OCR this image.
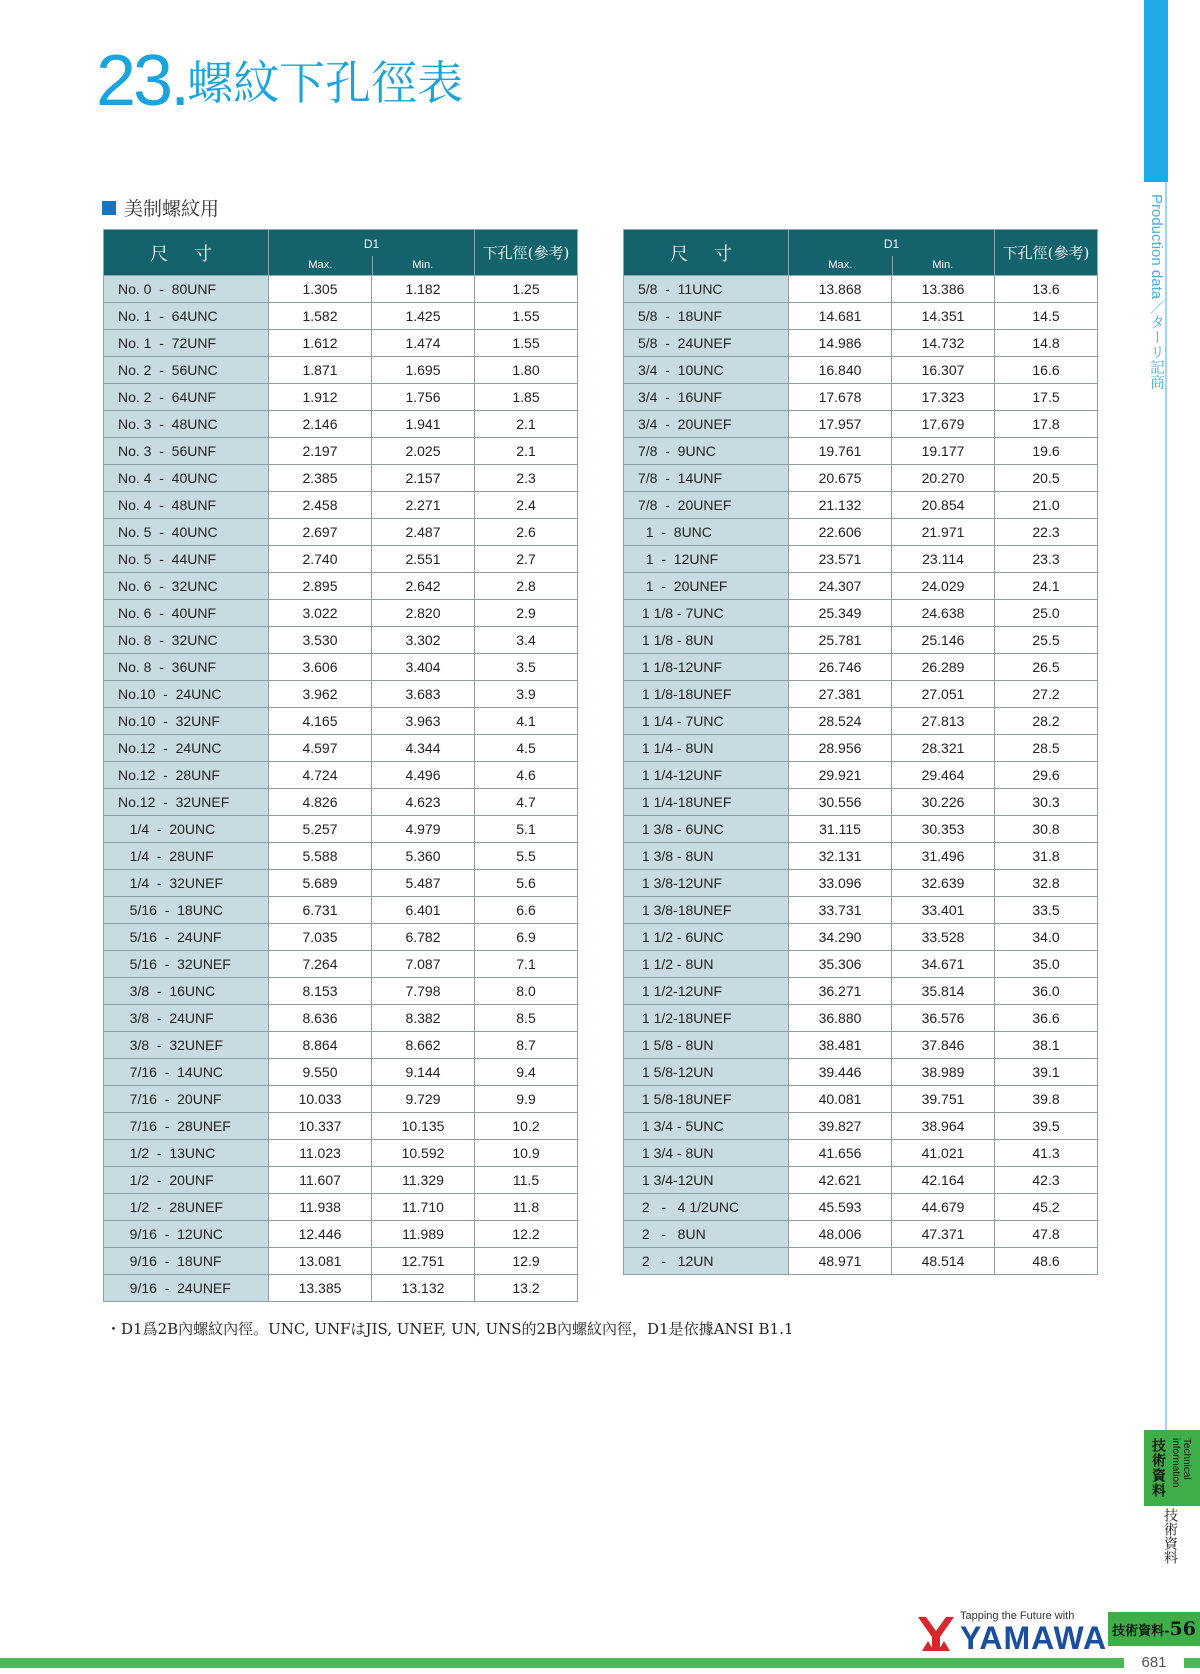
23.螺紋下孔徑表
美制螺紋用
尺 寸	D1
Max. Min.		下孔徑(參考)
No. 0  -  80UNF	1.305	1.182	1.25
No. 1  -  64UNC	1.582	1.425	1.55
No. 1  -  72UNF	1.612	1.474	1.55
No. 2  -  56UNC	1.871	1.695	1.80
No. 2  -  64UNF	1.912	1.756	1.85
No. 3  -  48UNC	2.146	1.941	2.1
No. 3  -  56UNF	2.197	2.025	2.1
No. 4  -  40UNC	2.385	2.157	2.3
No. 4  -  48UNF	2.458	2.271	2.4
No. 5  -  40UNC	2.697	2.487	2.6
No. 5  -  44UNF	2.740	2.551	2.7
No. 6  -  32UNC	2.895	2.642	2.8
No. 6  -  40UNF	3.022	2.820	2.9
No. 8  -  32UNC	3.530	3.302	3.4
No. 8  -  36UNF	3.606	3.404	3.5
No.10  -  24UNC	3.962	3.683	3.9
No.10  -  32UNF	4.165	3.963	4.1
No.12  -  24UNC	4.597	4.344	4.5
No.12  -  28UNF	4.724	4.496	4.6
No.12  -  32UNEF	4.826	4.623	4.7
1/4  -  20UNC	5.257	4.979	5.1
1/4  -  28UNF	5.588	5.360	5.5
1/4  -  32UNEF	5.689	5.487	5.6
5/16  -  18UNC	6.731	6.401	6.6
5/16  -  24UNF	7.035	6.782	6.9
5/16  -  32UNEF	7.264	7.087	7.1
3/8  -  16UNC	8.153	7.798	8.0
3/8  -  24UNF	8.636	8.382	8.5
3/8  -  32UNEF	8.864	8.662	8.7
7/16  -  14UNC	9.550	9.144	9.4
7/16  -  20UNF	10.033	9.729	9.9
7/16  -  28UNEF	10.337	10.135	10.2
1/2  -  13UNC	11.023	10.592	10.9
1/2  -  20UNF	11.607	11.329	11.5
1/2  -  28UNEF	11.938	11.710	11.8
9/16  -  12UNC	12.446	11.989	12.2
9/16  -  18UNF	13.081	12.751	12.9
9/16  -  24UNEF	13.385	13.132	13.2
尺 寸	D1
Max. Min.		下孔徑(參考)
5/8  -  11UNC	13.868	13.386	13.6
5/8  -  18UNF	14.681	14.351	14.5
5/8  -  24UNEF	14.986	14.732	14.8
3/4  -  10UNC	16.840	16.307	16.6
3/4  -  16UNF	17.678	17.323	17.5
3/4  -  20UNEF	17.957	17.679	17.8
7/8  -  9UNC	19.761	19.177	19.6
7/8  -  14UNF	20.675	20.270	20.5
7/8  -  20UNEF	21.132	20.854	21.0
1  -  8UNC	22.606	21.971	22.3
1  -  12UNF	23.571	23.114	23.3
1  -  20UNEF	24.307	24.029	24.1
1 1/8 - 7UNC	25.349	24.638	25.0
1 1/8 - 8UN	25.781	25.146	25.5
1 1/8-12UNF	26.746	26.289	26.5
1 1/8-18UNEF	27.381	27.051	27.2
1 1/4 - 7UNC	28.524	27.813	28.2
1 1/4 - 8UN	28.956	28.321	28.5
1 1/4-12UNF	29.921	29.464	29.6
1 1/4-18UNEF	30.556	30.226	30.3
1 3/8 - 6UNC	31.115	30.353	30.8
1 3/8 - 8UN	32.131	31.496	31.8
1 3/8-12UNF	33.096	32.639	32.8
1 3/8-18UNEF	33.731	33.401	33.5
1 1/2 - 6UNC	34.290	33.528	34.0
1 1/2 - 8UN	35.306	34.671	35.0
1 1/2-12UNF	36.271	35.814	36.0
1 1/2-18UNEF	36.880	36.576	36.6
1 5/8 - 8UN	38.481	37.846	38.1
1 5/8-12UN	39.446	38.989	39.1
1 5/8-18UNEF	40.081	39.751	39.8
1 3/4 - 5UNC	39.827	38.964	39.5
1 3/4 - 8UN	41.656	41.021	41.3
1 3/4-12UN	42.621	42.164	42.3
2   -   4 1/2UNC	45.593	44.679	45.2
2   -   8UN	48.006	47.371	47.8
2   -   12UN	48.971	48.514	48.6
・D1爲2B內螺紋內徑。UNC, UNFはJIS, UNEF, UN, UNS的2B內螺紋內徑，D1是依據ANSI B1.1
Production data／ターリ記商
技術資料	Technical information
技術資料
Tapping the Future with
YAMAWA 技術資料- 56
681
